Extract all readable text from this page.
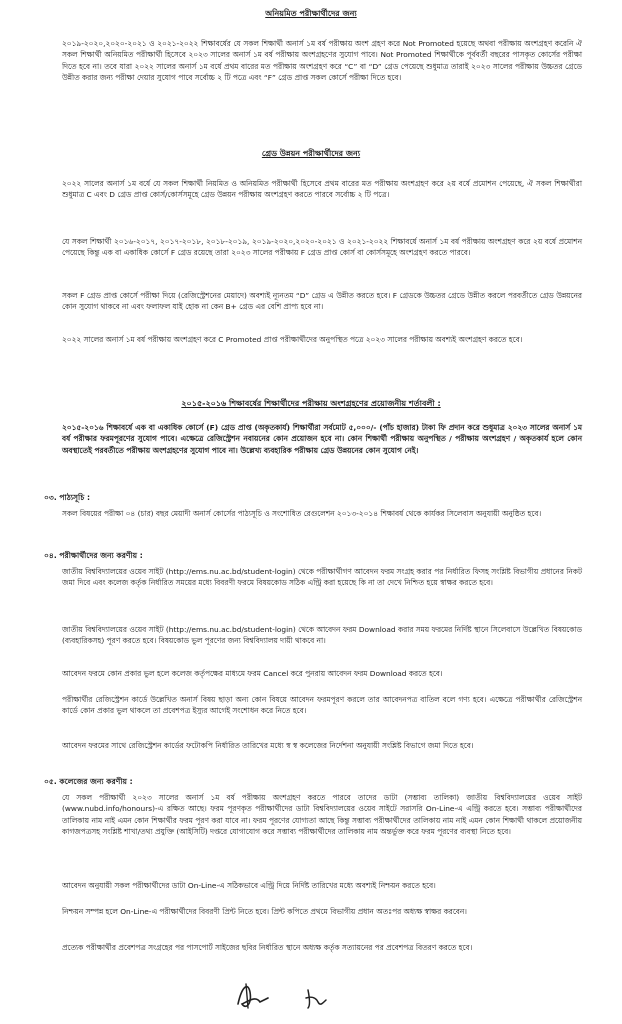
অনিয়মিত পরীক্ষার্থীদের জন্য

২০১৯-২০২০,২০২০-২০২১ ও ২০২১-২০২২ শিক্ষাবর্ষের যে সকল শিক্ষার্থী অনার্স ১ম বর্ষ পরীক্ষায় অংশ গ্রহণ করে Not Promoted হয়েছে অথবা পরীক্ষায় অংশগ্রহণ করেনি ঐ সকল শিক্ষার্থী অনিয়মিত পরীক্ষার্থী হিসেবে ২০২৩ সালের অনার্স ১ম বর্ষ পরীক্ষায় অংশগ্রহণের সুযোগ পাবে। Not Promoted শিক্ষার্থীকে পূর্ববর্তী বছরের পাসকৃত কোর্সের পরীক্ষা দিতে হবে না। তবে যারা ২০২২ সালের অনার্স ১ম বর্ষে প্রথম বারের মত পরীক্ষায় অংশগ্রহণ করে “C” বা “D” গ্রেড পেয়েছে শুধুমাত্র তারাই ২০২৩ সালের পরীক্ষায় উচ্চতর গ্রেডে উন্নীত করার জন্য পরীক্ষা দেয়ার সুযোগ পাবে সর্বোচ্চ ২ টি পত্রে এবং “F” গ্রেড প্রাপ্ত সকল কোর্সে পরীক্ষা দিতে হবে।

গ্রেড উন্নয়ন পরীক্ষার্থীদের জন্য

২০২২ সালের অনার্স ১ম বর্ষে যে সকল শিক্ষার্থী নিয়মিত ও অনিয়মিত পরীক্ষার্থী হিসেবে প্রথম বারের মত পরীক্ষায় অংশগ্রহণ করে ২য় বর্ষে প্রমোশন পেয়েছে, ঐ সকল শিক্ষার্থীরা শুধুমাত্র C এবং D গ্রেড প্রাপ্ত কোর্স/কোর্সসমূহে গ্রেড উন্নয়ন পরীক্ষায় অংশগ্রহণ করতে পারবে সর্বোচ্চ ২ টি পত্রে।

যে সকল শিক্ষার্থী ২০১৬-২০১৭, ২০১৭-২০১৮, ২০১৮-২০১৯, ২০১৯-২০২০,২০২০-২০২১ ও ২০২১-২০২২ শিক্ষাবর্ষে অনার্স ১ম বর্ষ পরীক্ষায় অংশগ্রহণ করে ২য় বর্ষে প্রমোশন পেয়েছে কিন্তু এক বা একাধিক কোর্সে F গ্রেড রয়েছে তারা ২০২৩ সালের পরীক্ষায় F গ্রেড প্রাপ্ত কোর্স বা কোর্সসমূহে অংশগ্রহণ করতে পারবে।

সকল F গ্রেড প্রাপ্ত কোর্সে পরীক্ষা দিয়ে (রেজিস্ট্রেশনের মেয়াদে) অবশ্যই ন্যূনতম “D” গ্রেড এ উন্নীত করতে হবে। F গ্রেডকে উচ্চতর গ্রেডে উন্নীত করলে পরবর্তীতে গ্রেড উন্নয়নের কোন সুযোগ থাকবে না এবং ফলাফল যাই হোক না কেন B+ গ্রেড এর বেশি প্রাপ্য হবে না।

২০২২ সালের অনার্স ১ম বর্ষ পরীক্ষায় অংশগ্রহণ করে C Promoted প্রাপ্ত পরীক্ষার্থীদের অনুপস্থিত পত্রে ২০২৩ সালের পরীক্ষায় অবশ্যই অংশগ্রহণ করতে হবে।

২০১৫-২০১৬ শিক্ষাবর্ষের শিক্ষার্থীদের পরীক্ষায় অংশগ্রহণের প্রয়োজনীয় শর্তাবলী :

২০১৫-২০১৬ শিক্ষাবর্ষে এক বা একাধিক কোর্সে (F) গ্রেড প্রাপ্ত (অকৃতকার্য) শিক্ষার্থীরা সর্বমোট ৫,০০০/- (পাঁচ হাজার) টাকা ফি প্রদান করে শুধুমাত্র ২০২৩ সালের অনার্স ১ম বর্ষ পরীক্ষার ফরমপূরণের সুযোগ পাবে। এক্ষেত্রে রেজিস্ট্রেশন নবায়নের কোন প্রয়োজন হবে না। কোন শিক্ষার্থী পরীক্ষায় অনুপস্থিত / পরীক্ষায় অংশগ্রহণ / অকৃতকার্য হলে কোন অবস্থাতেই পরবর্তীতে পরীক্ষায় অংশগ্রহণের সুযোগ পাবে না। উল্লেখ্য ব্যবহারিক পরীক্ষায় গ্রেড উন্নয়নের কোন সুযোগ নেই।

০৩. পাঠ্যসূচি :

সকল বিষয়ের পরীক্ষা ০৪ (চার) বছর মেয়াদী অনার্স কোর্সের পাঠ্যসূচি ও সংশোধিত রেগুলেশন ২০১৩-২০১৪ শিক্ষাবর্ষ থেকে কার্যকর সিলেবাস অনুযায়ী অনুষ্ঠিত হবে।

০৪. পরীক্ষার্থীদের জন্য করণীয় :

জাতীয় বিশ্ববিদ্যালয়ের ওয়েব সাইট (http://ems.nu.ac.bd/student-login) থেকে পরীক্ষার্থীগণ আবেদন ফরম সংগ্রহ করার পর নির্ধারিত ফিসহ সংশ্লিষ্ট বিভাগীয় প্রধানের নিকট জমা দিবে এবং কলেজ কর্তৃক নির্ধারিত সময়ের মধ্যে বিবরণী ফরমে বিষয়কোড সঠিক এন্ট্রি করা হয়েছে কি না তা দেখে নিশ্চিত হয়ে স্বাক্ষর করতে হবে।

জাতীয় বিশ্ববিদ্যালয়ের ওয়েব সাইট (http://ems.nu.ac.bd/student-login) থেকে আবেদন ফরম Download করার সময় ফরমের নির্দিষ্ট স্থানে সিলেবাসে উল্লেখিত বিষয়কোড (ব্যবহারিকসহ) পূরণ করতে হবে। বিষয়কোড ভুল পূরণের জন্য বিশ্ববিদ্যালয় দায়ী থাকবে না।

আবেদন ফরমে কোন প্রকার ভুল হলে কলেজ কর্তৃপক্ষের মাধ্যমে ফরম Cancel করে পুনরায় আবেদন ফরম Download করতে হবে।

পরীক্ষার্থীর রেজিস্ট্রেশন কার্ডে উল্লেখিত অনার্স বিষয় ছাড়া অন্য কোন বিষয়ে আবেদন ফরমপূরণ করলে তার আবেদনপত্র বাতিল বলে গণ্য হবে। এক্ষেত্রে পরীক্ষার্থীর রেজিস্ট্রেশন কার্ডে কোন প্রকার ভুল থাকলে তা প্রবেশপত্র ইস্যুর আগেই সংশোধন করে নিতে হবে।

আবেদন ফরমের সাথে রেজিস্ট্রেশন কার্ডের ফটোকপি নির্ধারিত তারিখের মধ্যে স্ব স্ব কলেজের নির্দেশনা অনুযায়ী সংশ্লিষ্ট বিভাগে জমা দিতে হবে।

০৫. কলেজের জন্য করণীয় :

যে সকল পরীক্ষার্থী ২০২৩ সালের অনার্স ১ম বর্ষ পরীক্ষায় অংশগ্রহণ করতে পারবে তাদের ডাটা (সম্ভাব্য তালিকা) জাতীয় বিশ্ববিদ্যালয়ের ওয়েব সাইট (www.nubd.info/honours)-এ রক্ষিত আছে। ফরম পূরণকৃত পরীক্ষার্থীদের ডাটা বিশ্ববিদ্যালয়ের ওয়েব সাইটে সরাসরি On-Line-এ এন্ট্রি করতে হবে। সম্ভাব্য পরীক্ষার্থীদের তালিকায় নাম নাই এমন কোন শিক্ষার্থীর ফরম পূরণ করা যাবে না। ফরম পূরণের যোগ্যতা আছে কিন্তু সম্ভাব্য পরীক্ষার্থীদের তালিকায় নাম নাই এমন কোন শিক্ষার্থী থাকলে প্রয়োজনীয় কাগজপত্রসহ সংশ্লিষ্ট শাখা/তথ্য প্রযুক্তি (আইসিটি) দপ্তরে যোগাযোগ করে সম্ভাব্য পরীক্ষার্থীদের তালিকায় নাম অন্তর্ভুক্ত করে ফরম পূরণের ব্যবস্থা নিতে হবে।

আবেদন অনুযায়ী সকল পরীক্ষার্থীদের ডাটা On-Line-এ সঠিকভাবে এন্ট্রি দিয়ে নির্দিষ্ট তারিখের মধ্যে অবশ্যই নিশ্চয়ন করতে হবে।

নিশ্চয়ন সম্পন্ন হলে On-Line-এ পরীক্ষার্থীদের বিবরণী প্রিন্ট নিতে হবে। প্রিন্ট কপিতে প্রথমে বিভাগীয় প্রধান অতঃপর অধ্যক্ষ স্বাক্ষর করবেন।

প্রত্যেক পরীক্ষার্থীর প্রবেশপত্র সংগ্রহের পর পাসপোর্ট সাইজের ছবির নির্ধারিত স্থানে অধ্যক্ষ কর্তৃক সত্যায়নের পর প্রবেশপত্র বিতরণ করতে হবে।
